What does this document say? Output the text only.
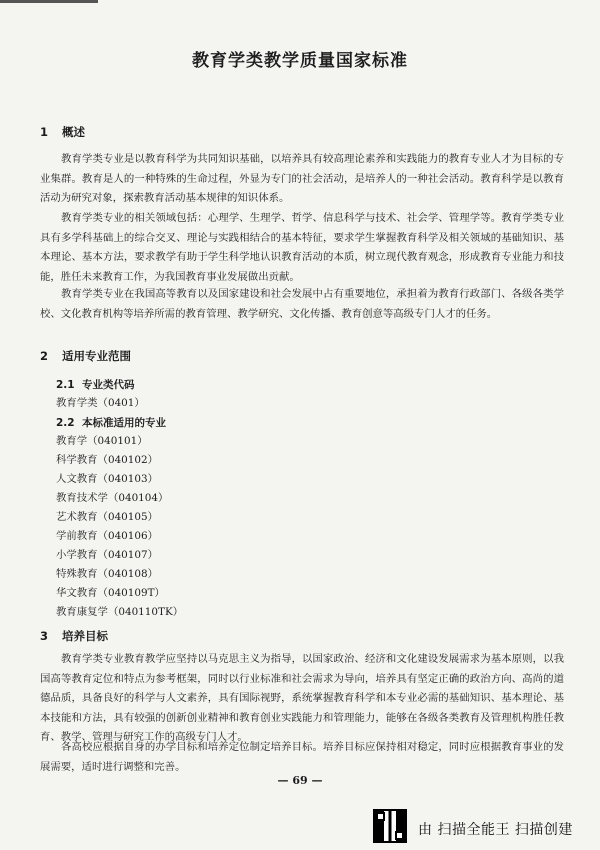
教育学类教学质量国家标准
1 概述

教育学类专业是以教育科学为共同知识基础，以培养具有较高理论素养和实践能力的教育专业人才为目标的专业集群。教育是人的一种特殊的生命过程，外显为专门的社会活动，是培养人的一种社会活动。教育科学是以教育活动为研究对象，探索教育活动基本规律的知识体系。

教育学类专业的相关领域包括：心理学、生理学、哲学、信息科学与技术、社会学、管理学等。教育学类专业具有多学科基础上的综合交叉、理论与实践相结合的基本特征，要求学生掌握教育科学及相关领域的基础知识、基本理论、基本方法，要求教学有助于学生科学地认识教育活动的本质，树立现代教育观念，形成教育专业能力和技能，胜任未来教育工作，为我国教育事业发展做出贡献。

教育学类专业在我国高等教育以及国家建设和社会发展中占有重要地位，承担着为教育行政部门、各级各类学校、文化教育机构等培养所需的教育管理、教学研究、文化传播、教育创意等高级专门人才的任务。

2 适用专业范围
2.1 专业类代码
教育学类（0401）
2.2 本标准适用的专业
教育学（040101）
科学教育（040102）
人文教育（040103）
教育技术学（040104）
艺术教育（040105）
学前教育（040106）
小学教育（040107）
特殊教育（040108）
华文教育（040109T）
教育康复学（040110TK）
3 培养目标

教育学类专业教育教学应坚持以马克思主义为指导，以国家政治、经济和文化建设发展需求为基本原则，以我国高等教育定位和特点为参考框架，同时以行业标准和社会需求为导向，培养具有坚定正确的政治方向、高尚的道德品质，具备良好的科学与人文素养，具有国际视野，系统掌握教育科学和本专业必需的基础知识、基本理论、基本技能和方法，具有较强的创新创业精神和教育创业实践能力和管理能力，能够在各级各类教育及管理机构胜任教育、教学、管理与研究工作的高级专门人才。

各高校应根据自身的办学目标和培养定位制定培养目标。培养目标应保持相对稳定，同时应根据教育事业的发展需要，适时进行调整和完善。

— 69 —
由 扫描全能王 扫描创建
